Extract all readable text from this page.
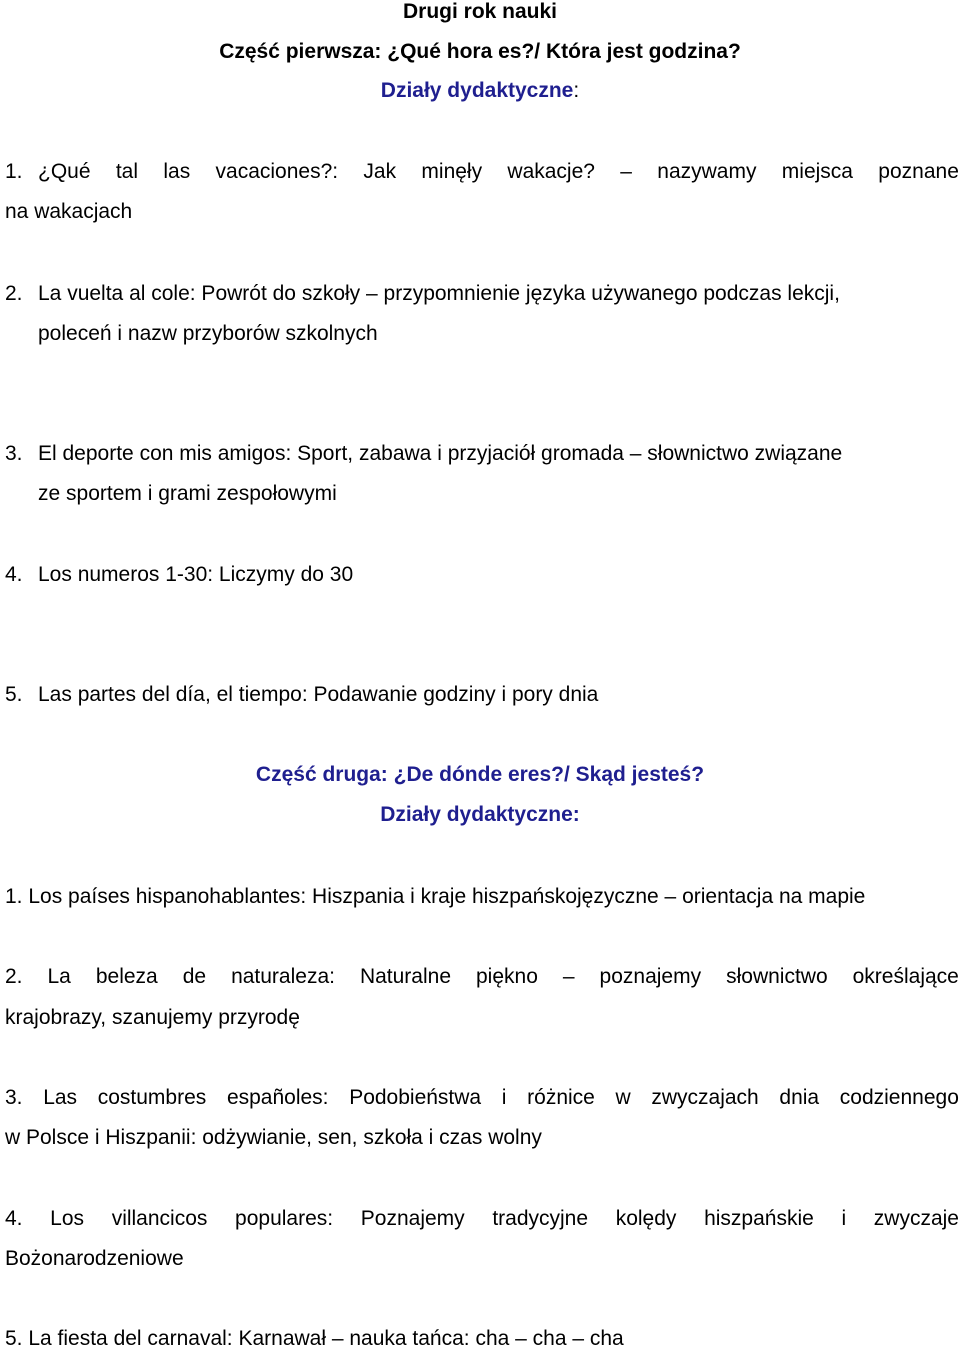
Drugi rok nauki
Część pierwsza: ¿Qué hora es?/ Która jest godzina?
Działy dydaktyczne:
1. ¿Qué tal las vacaciones?: Jak minęły wakacje? – nazywamy miejsca poznane
na wakacjach
2. La vuelta al cole: Powrót do szkoły – przypomnienie języka używanego podczas lekcji,
poleceń i nazw przyborów szkolnych
3. El deporte con mis amigos: Sport, zabawa i przyjaciół gromada – słownictwo związane
ze sportem i grami zespołowymi
4. Los numeros 1-30: Liczymy do 30
5. Las partes del día, el tiempo: Podawanie godziny i pory dnia
Część druga: ¿De dónde eres?/ Skąd jesteś?
Działy dydaktyczne:
1. Los países hispanohablantes: Hiszpania i kraje hiszpańskojęzyczne – orientacja na mapie
2. La beleza de naturaleza: Naturalne piękno – poznajemy słownictwo określające
krajobrazy, szanujemy przyrodę
3. Las costumbres españoles: Podobieństwa i różnice w zwyczajach dnia codziennego
w Polsce i Hiszpanii: odżywianie, sen, szkoła i czas wolny
4. Los villancicos populares: Poznajemy tradycyjne kolędy hiszpańskie i zwyczaje
Bożonarodzeniowe
5. La fiesta del carnaval: Karnawał – nauka tańca: cha – cha – cha
